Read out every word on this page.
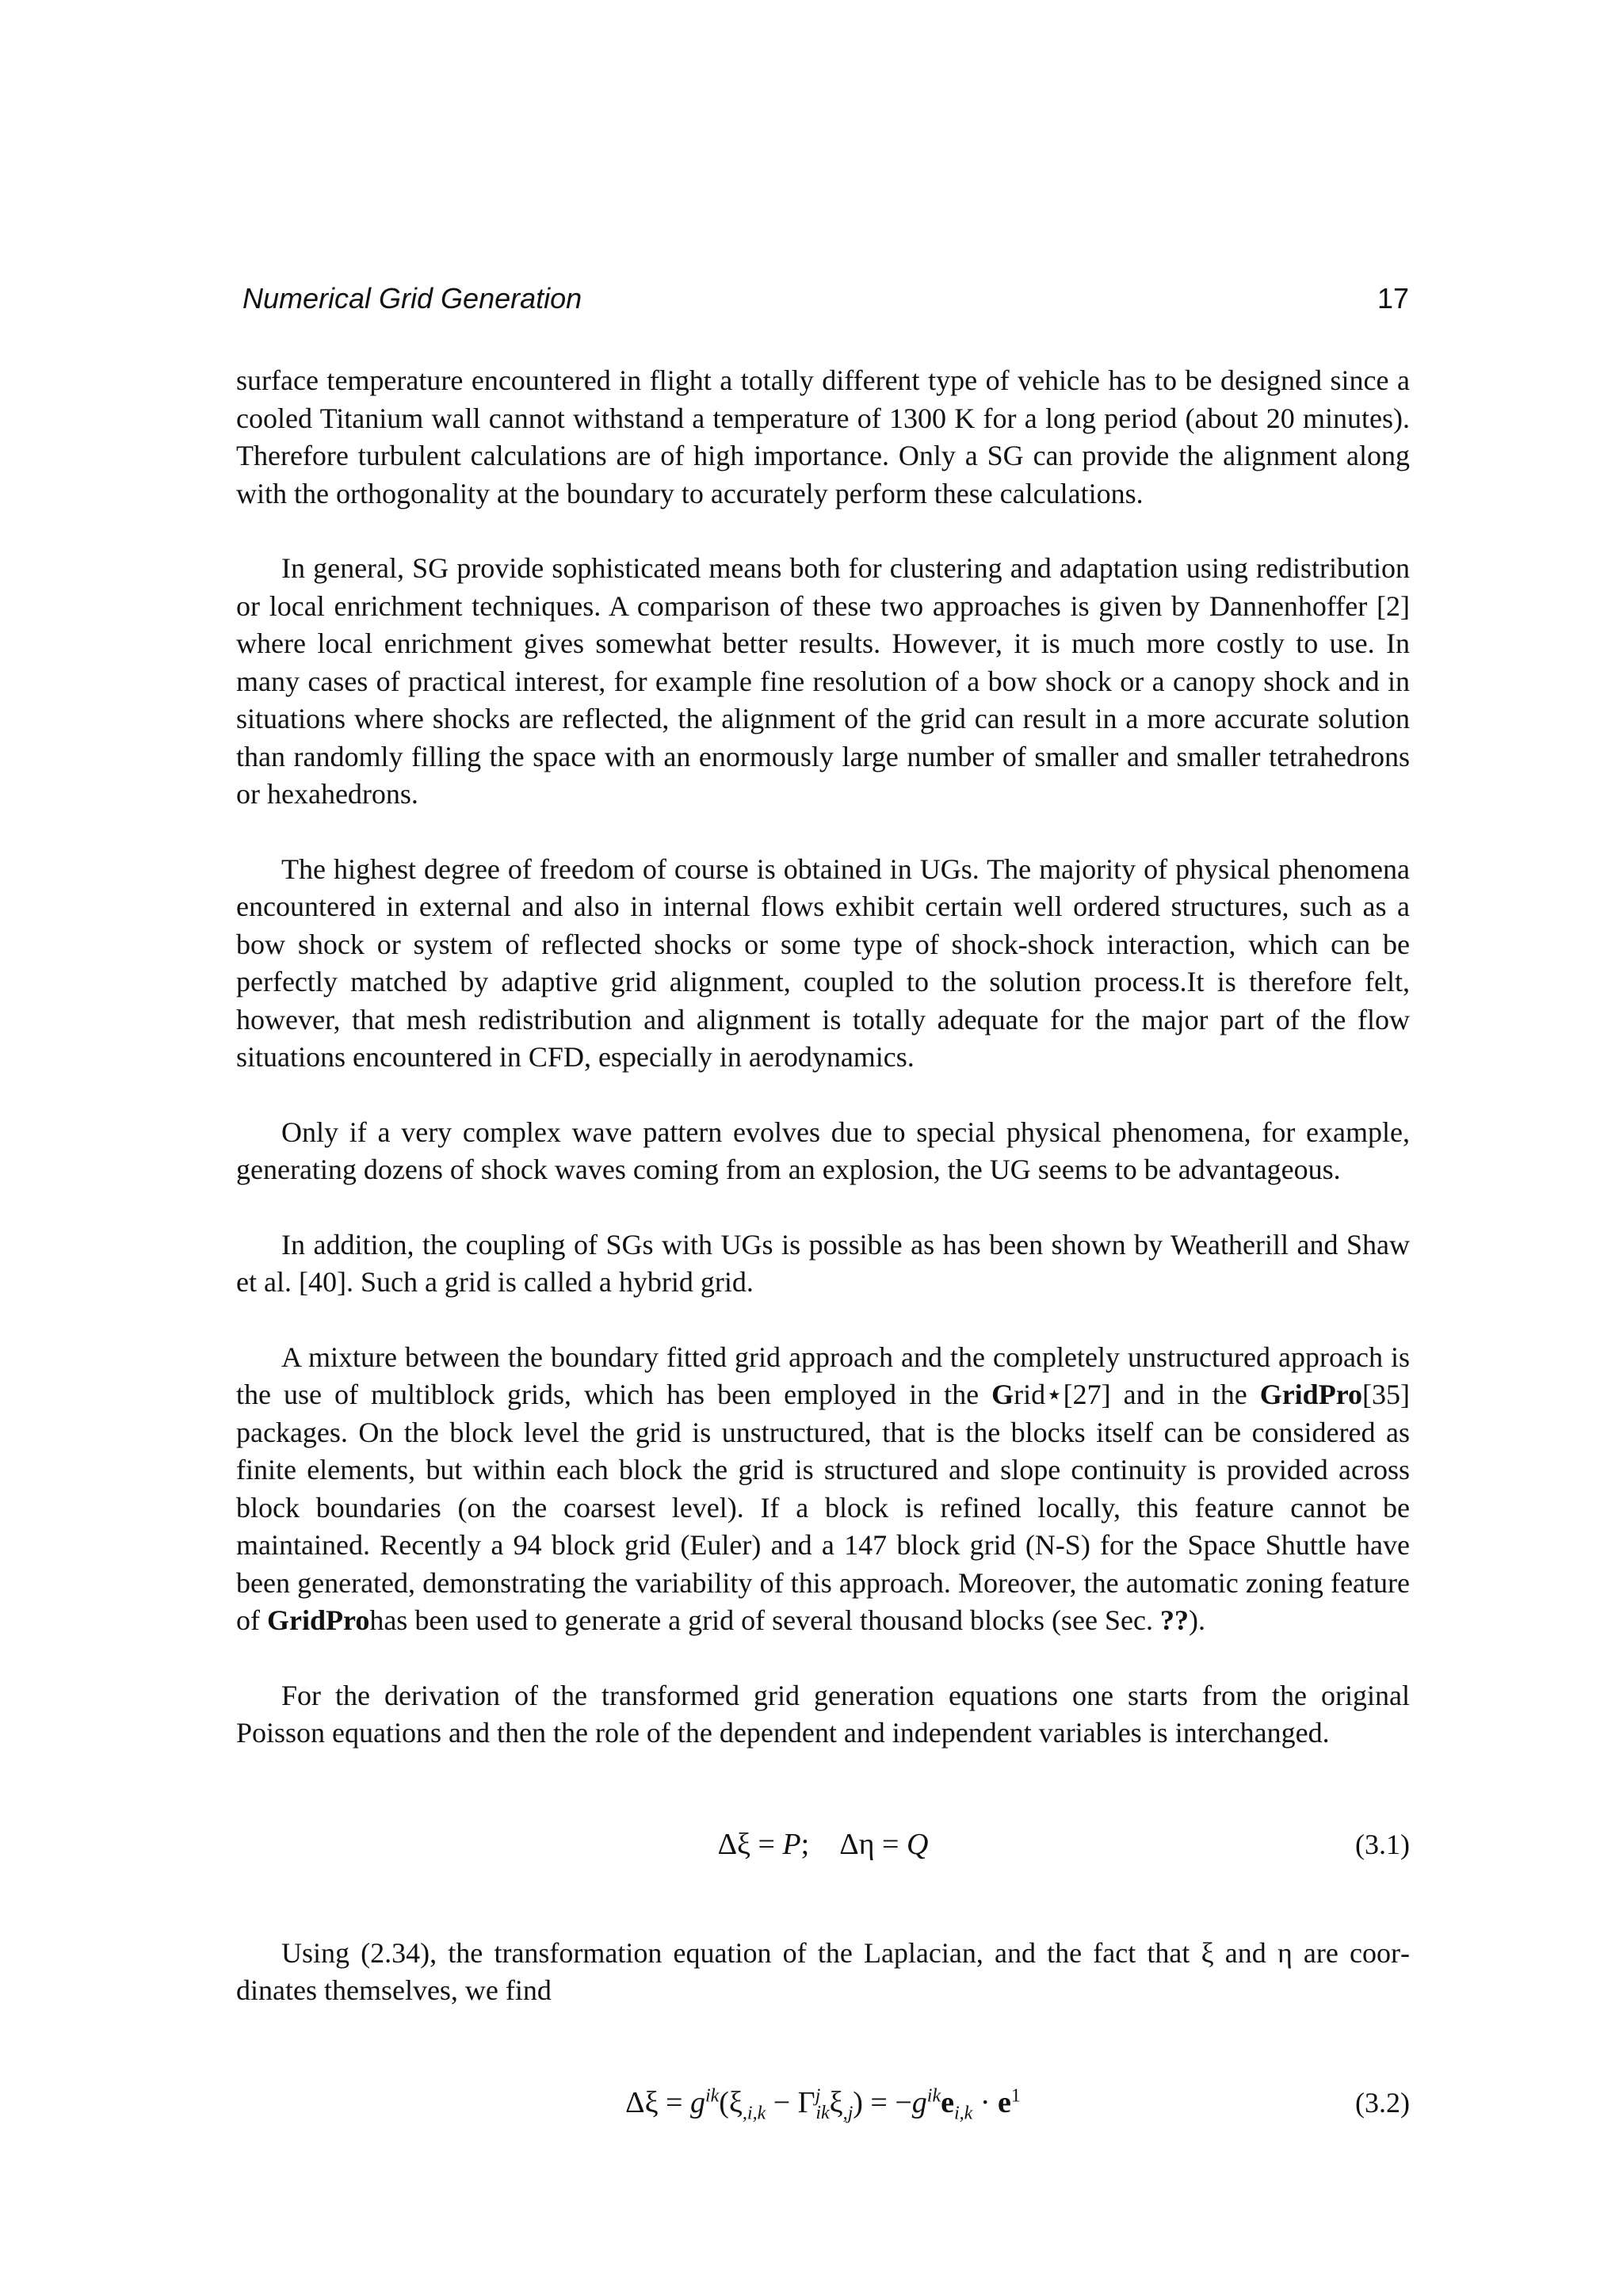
Numerical Grid Generation	17

surface temperature encountered in flight a totally different type of vehicle has to be designed since a cooled Titanium wall cannot withstand a temperature of 1300 K for a long period (about 20 minutes). Therefore turbulent calculations are of high importance. Only a SG can provide the alignment along with the orthogonality at the boundary to accurately perform these calculations.

In general, SG provide sophisticated means both for clustering and adaptation using redistribution or local enrichment techniques. A comparison of these two approaches is given by Dannenhoffer [2] where local enrichment gives somewhat better results. However, it is much more costly to use. In many cases of practical interest, for example fine resolution of a bow shock or a canopy shock and in situations where shocks are reflected, the alignment of the grid can result in a more accurate solution than randomly filling the space with an enormously large number of smaller and smaller tetrahedrons or hexahedrons.

The highest degree of freedom of course is obtained in UGs. The majority of physical phenomena encountered in external and also in internal flows exhibit certain well ordered structures, such as a bow shock or system of reflected shocks or some type of shock-shock interaction, which can be perfectly matched by adaptive grid alignment, coupled to the solution process.It is therefore felt, however, that mesh redistribution and alignment is totally adequate for the major part of the flow situations encountered in CFD, especially in aerodynamics.

Only if a very complex wave pattern evolves due to special physical phenomena, for example, generating dozens of shock waves coming from an explosion, the UG seems to be advantageous.

In addition, the coupling of SGs with UGs is possible as has been shown by Weatherill and Shaw et al. [40]. Such a grid is called a hybrid grid.

A mixture between the boundary fitted grid approach and the completely unstructured approach is the use of multiblock grids, which has been employed in the Grid⋆[27] and in the GridPro[35] packages. On the block level the grid is unstructured, that is the blocks itself can be considered as finite elements, but within each block the grid is structured and slope continuity is provided across block boundaries (on the coarsest level). If a block is refined locally, this feature cannot be maintained. Recently a 94 block grid (Euler) and a 147 block grid (N-S) for the Space Shuttle have been generated, demonstrating the variability of this approach. Moreover, the automatic zoning feature of GridProhas been used to generate a grid of several thousand blocks (see Sec. ??).

For the derivation of the transformed grid generation equations one starts from the original Poisson equations and then the role of the dependent and independent variables is interchanged.

Δξ = P; Δη = Q	(3.1)

Using (2.34), the transformation equation of the Laplacian, and the fact that ξ and η are coordinates themselves, we find

$\Delta\xi = g^{ik}(\xi_{,i,k} - \Gamma^j_{ik}\xi_{,j}) = -g^{ik}e_{i,k} \cdot e^1$	(3.2)
